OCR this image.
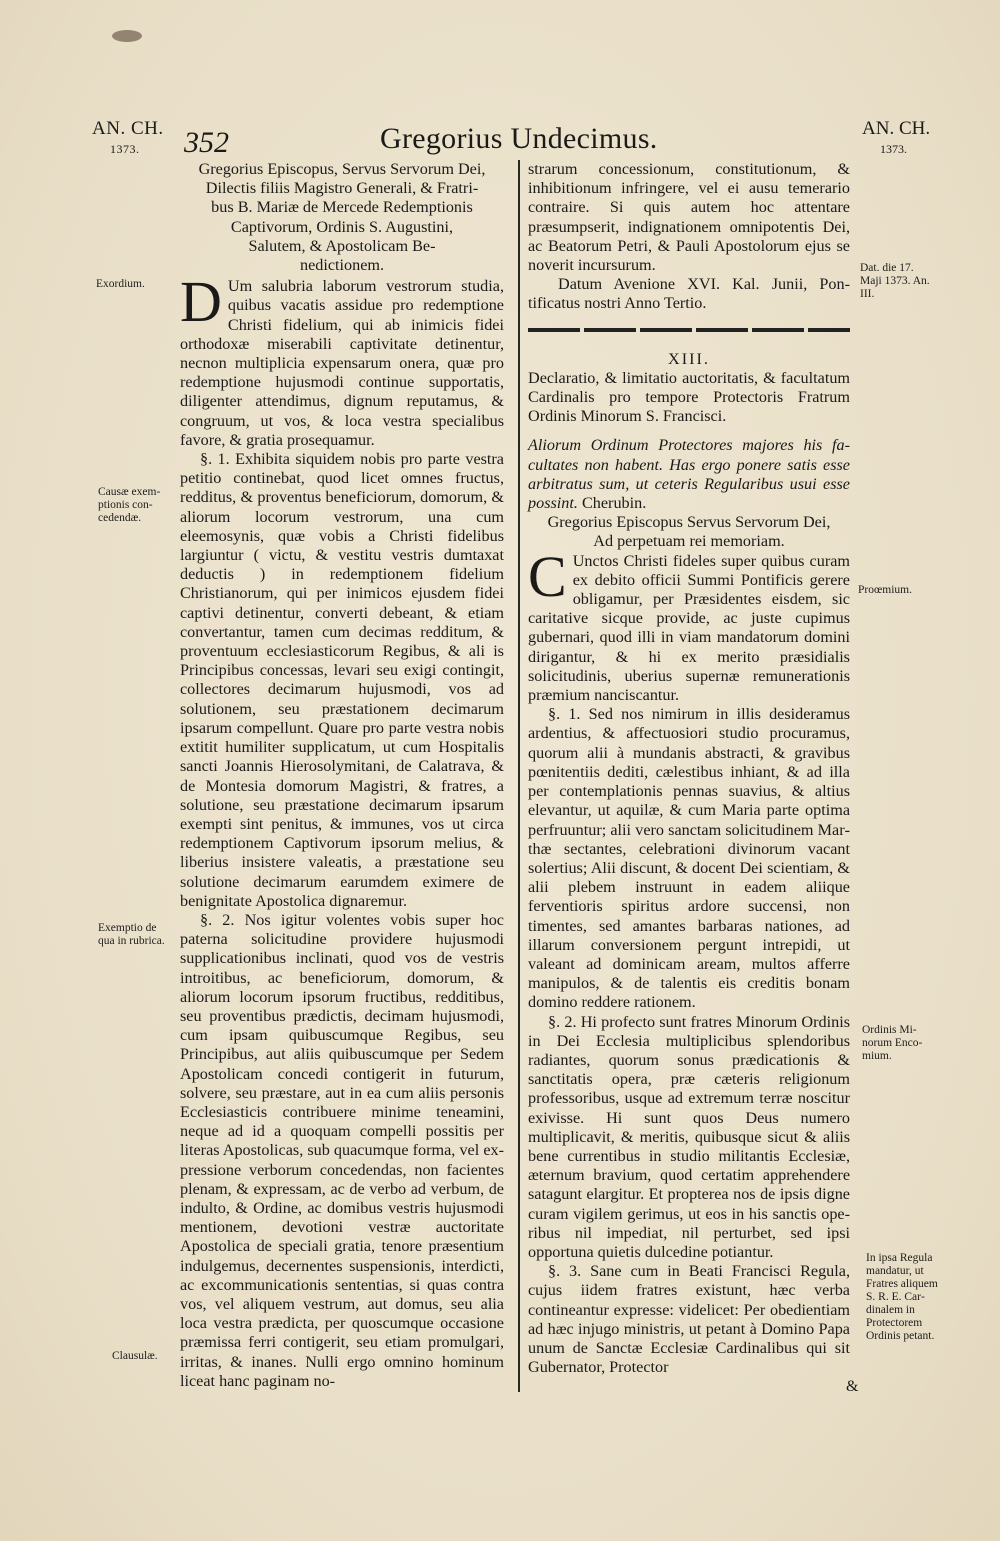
AN. CH.
1373.	352	Gregorius Undecimus.	AN. CH.
1373.
Exordium.
Causæ exemptionis concedendæ.
Exemptio de qua in rubrica.
Clausulæ.
Dat. die 17. Maji 1373. An. III.
Proœmium.
Ordinis Minorum Encomium.
In ipsa Regula mandatur, ut Fratres aliquem S. R. E. Cardinalem in Protectorem Ordinis petant.

Gregorius Episcopus, Servus Servorum Dei,

Dilectis filiis Magistro Generali, & Fratri-

bus B. Mariæ de Mercede Redemptionis

Captivorum, Ordinis S. Augustini,

Salutem, & Apostolicam Be-

nedictionem.

D Um salubria laborum vestrorum studia, quibus vacatis assidue pro redemptione Christi fidelium, qui ab inimicis fidei orthodoxæ miserabili captivitate detinentur, necnon multiplicia expensarum onera, quæ pro redemptione hujusmodi continue supportatis, diligenter attendimus, dignum reputamus, & congruum, ut vos, & loca vestra specialibus favore, & gratia prosequamur.

§. 1. Exhibita siquidem nobis pro parte vestra petitio continebat, quod licet omnes fructus, redditus, & proventus beneficiorum, domorum, & aliorum locorum vestrorum, una cum eleemosynis, quæ vobis a Christi fidelibus largiuntur ( victu, & vestitu vestris dumtaxat deductis ) in redemptionem fidelium Christianorum, qui per inimicos ejusdem fidei captivi detinentur, converti debeant, & etiam convertantur, tamen cum decimas redditum, & proventuum ecclesiasticorum Regibus, & ali is Principibus concessas, levari seu exigi contingit, collectores decimarum hujusmodi, vos ad solutionem, seu præstationem decimarum ipsarum compellunt. Quare pro parte vestra nobis extitit humiliter supplicatum, ut cum Hospitalis sancti Joannis Hierosolymitani, de Calatrava, & de Montesia domorum Magistri, & fratres, a solutione, seu præstatione decimarum ipsarum exempti sint penitus, & immunes, vos ut circa redemptionem Captivorum ipsorum melius, & liberius insistere valeatis, a præstatione seu solutione decimarum earumdem eximere de benignitate Apostolica dignaremur.

§. 2. Nos igitur volentes vobis super hoc paterna solicitudine providere hujusmodi supplicationibus inclinati, quod vos de vestris introitibus, ac beneficiorum, domorum, & aliorum locorum ipsorum fructibus, redditibus, seu proventibus prædictis, decimam hujusmodi, cum ipsam quibuscumque Regibus, seu Principibus, aut aliis quibuscumque per Sedem Apostolicam concedi contigerit in futurum, solvere, seu præstare, aut in ea cum aliis personis Ecclesiasticis contribuere minime teneamini, neque ad id a quoquam compelli possitis per literas Apostolicas, sub quacumque forma, vel expressione verborum concedendas, non facientes plenam, & expressam, ac de verbo ad verbum, de indulto, & Ordine, ac domibus vestris hujusmodi mentionem, devotioni vestræ auctoritate Apostolica de speciali gratia, tenore præsentium indulgemus, decernentes suspensionis, interdicti, ac excommunicationis sententias, si quas contra vos, vel aliquem vestrum, aut domus, seu alia loca vestra prædicta, per quoscumque occasione præmissa ferri contigerit, seu etiam promulgari, irritas, & inanes. Nulli ergo omnino hominum liceat hanc paginam no-

strarum concessionum, constitutionum, & inhibitionum infringere, vel ei ausu temerario contraire. Si quis autem hoc attentare præsumpserit, indignationem omnipotentis Dei, ac Beatorum Petri, & Pauli Apostolorum ejus se noverit incursurum.

Datum Avenione XVI. Kal. Junii, Pontificatus nostri Anno Tertio.

XIII.

Declaratio, & limitatio auctoritatis, & facultatum Cardinalis pro tempore Protectoris Fratrum Ordinis Minorum S. Francisci.

Aliorum Ordinum Protectores majores his facultates non habent. Has ergo ponere satis esse arbitratus sum, ut ceteris Regularibus usui esse possint. Cherubin.

Gregorius Episcopus Servus Servorum Dei,

Ad perpetuam rei memoriam.

C Unctos Christi fideles super quibus curam ex debito officii Summi Pontificis gerere obligamur, per Præsidentes eisdem, sic caritative sicque provide, ac juste cupimus gubernari, quod illi in viam mandatorum domini dirigantur, & hi ex merito præsidialis solicitudinis, uberius supernæ remunerationis præmium nanciscantur.

§. 1. Sed nos nimirum in illis desideramus ardentius, & affectuosiori studio procuramus, quorum alii à mundanis abstracti, & gravibus pœnitentiis dediti, cælestibus inhiant, & ad illa per contemplationis pennas suavius, & altius elevantur, ut aquilæ, & cum Maria parte optima perfruuntur; alii vero sanctam solicitudinem Marthæ sectantes, celebrationi divinorum vacant solertius; Alii discunt, & docent Dei scientiam, & alii plebem instruunt in eadem aliique ferventioris spiritus ardore succensi, non timentes, sed amantes barbaras nationes, ad illarum conversionem pergunt intrepidi, ut valeant ad dominicam aream, multos afferre manipulos, & de talentis eis creditis bonam domino reddere rationem.

§. 2. Hi profecto sunt fratres Minorum Ordinis in Dei Ecclesia multiplicibus splendoribus radiantes, quorum sonus prædicationis & sanctitatis opera, præ cæteris religionum professoribus, usque ad extremum terræ noscitur exivisse. Hi sunt quos Deus numero multiplicavit, & meritis, quibusque sicut & aliis bene currentibus in studio militantis Ecclesiæ, æternum bravium, quod certatim apprehendere satagunt elargitur. Et propterea nos de ipsis digne curam vigilem gerimus, ut eos in his sanctis operibus nil impediat, nil perturbet, sed ipsi opportuna quietis dulcedine potiantur.

§. 3. Sane cum in Beati Francisci Regula, cujus iidem fratres existunt, hæc verba contineantur expresse: videlicet: Per obedientiam ad hæc injugo ministris, ut petant à Domino Papa unum de Sanctæ Ecclesiæ Cardinalibus qui sit Gubernator, Protector

&
